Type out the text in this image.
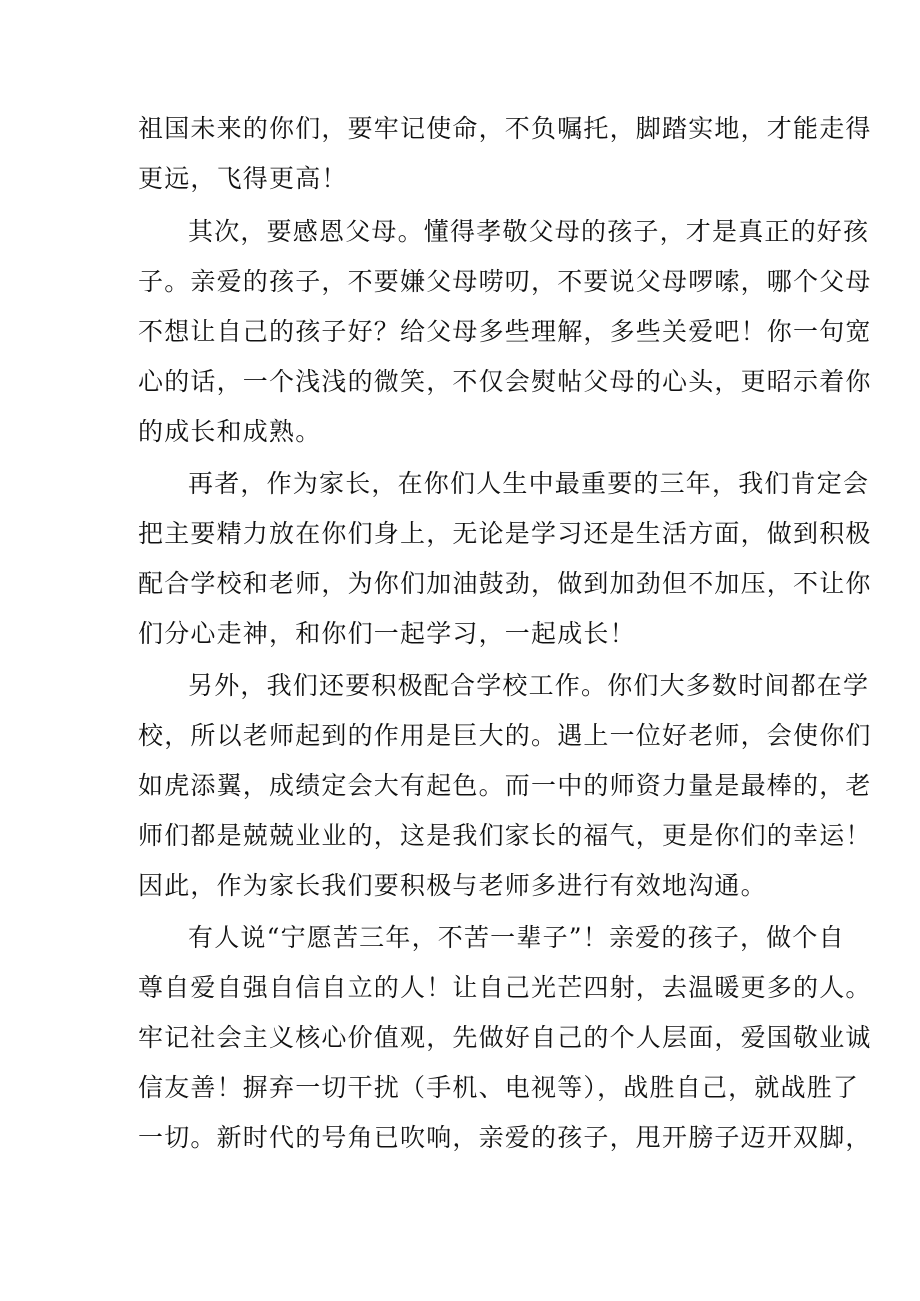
祖国未来的你们，要牢记使命，不负嘱托，脚踏实地，才能走得
更远，飞得更高！
其次，要感恩父母。懂得孝敬父母的孩子，才是真正的好孩
子。亲爱的孩子，不要嫌父母唠叨，不要说父母啰嗦，哪个父母
不想让自己的孩子好？给父母多些理解，多些关爱吧！你一句宽
心的话，一个浅浅的微笑，不仅会熨帖父母的心头，更昭示着你
的成长和成熟。
再者，作为家长，在你们人生中最重要的三年，我们肯定会
把主要精力放在你们身上，无论是学习还是生活方面，做到积极
配合学校和老师，为你们加油鼓劲，做到加劲但不加压，不让你
们分心走神，和你们一起学习，一起成长！
另外，我们还要积极配合学校工作。你们大多数时间都在学
校，所以老师起到的作用是巨大的。遇上一位好老师，会使你们
如虎添翼，成绩定会大有起色。而一中的师资力量是最棒的，老
师们都是兢兢业业的，这是我们家长的福气，更是你们的幸运！
因此，作为家长我们要积极与老师多进行有效地沟通。
有人说“宁愿苦三年，不苦一辈子”！亲爱的孩子，做个自
尊自爱自强自信自立的人！让自己光芒四射，去温暖更多的人。
牢记社会主义核心价值观，先做好自己的个人层面，爱国敬业诚
信友善！摒弃一切干扰（手机、电视等），战胜自己，就战胜了
一切。新时代的号角已吹响，亲爱的孩子，甩开膀子迈开双脚，
